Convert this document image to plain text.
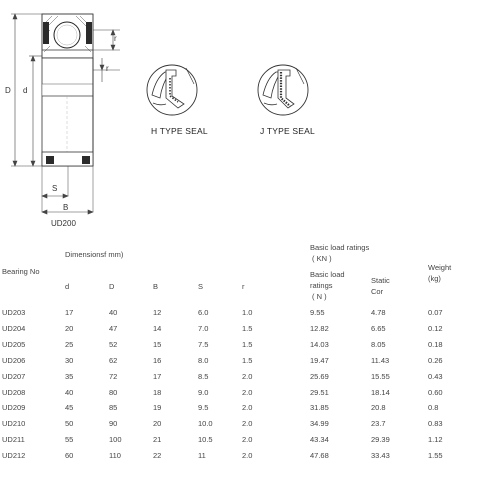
D d
r
r
S
B
UD200
H TYPE SEAL	J TYPE SEAL
Dimensionsf mm)
Basic load ratings
( KN )
Weight
(kg)
Bearing No	Basic load
ratings
( N )
Static
Cor
d	D	B	S	r
UD203	17	40	12	6.0	1.0	9.55	4.78	0.07
UD204	20	47	14	7.0	1.5	12.82	6.65	0.12
UD205	25	52	15	7.5	1.5	14.03	8.05	0.18
UD206	30	62	16	8.0	1.5	19.47	11.43	0.26
UD207	35	72	17	8.5	2.0	25.69	15.55	0.43
UD208	40	80	18	9.0	2.0	29.51	18.14	0.60
UD209	45	85	19	9.5	2.0	31.85	20.8	0.8
UD210	50	90	20	10.0	2.0	34.99	23.7	0.83
UD211	55	100	21	10.5	2.0	43.34	29.39	1.12
UD212	60	110	22	11	2.0	47.68	33.43	1.55
